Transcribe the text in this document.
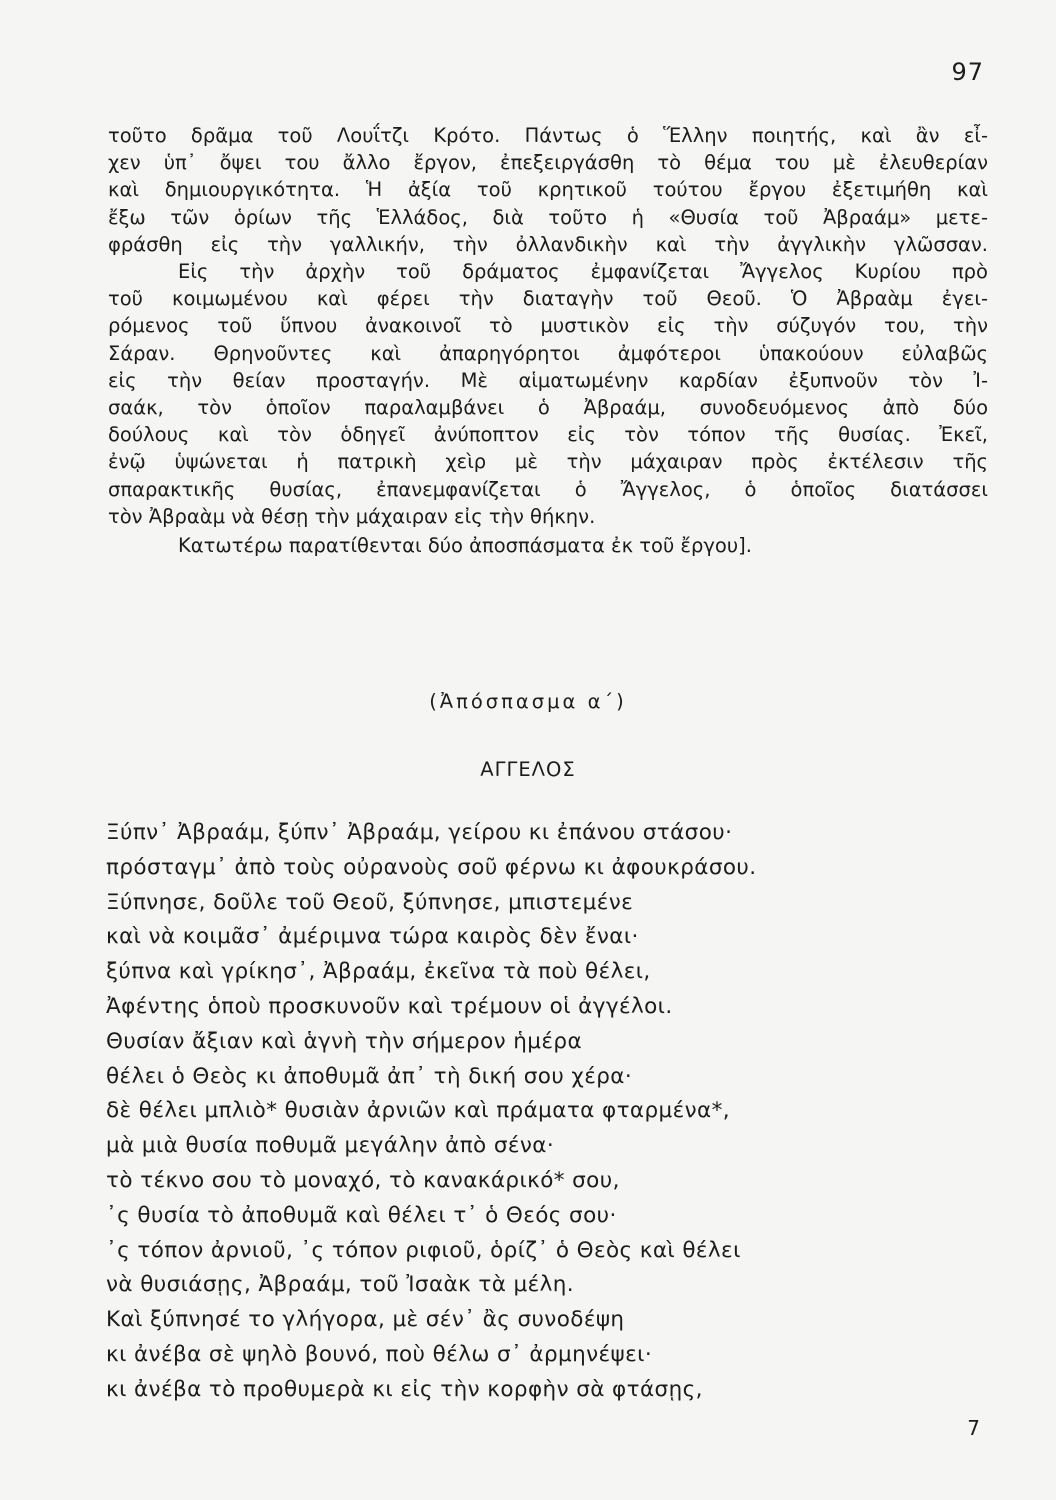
97

τοῦτο δρᾶμα τοῦ Λουΐτζι Κρότο. Πάντως ὁ Ἕλλην ποιητής, καὶ ἂν εἶ-

χεν ὑπ᾽ ὄψει του ἄλλο ἔργον, ἐπεξειργάσθη τὸ θέμα του μὲ ἐλευθερίαν

καὶ δημιουργικότητα. Ἡ ἀξία τοῦ κρητικοῦ τούτου ἔργου ἐξετιμήθη καὶ

ἔξω τῶν ὁρίων τῆς Ἑλλάδος, διὰ τοῦτο ἡ «Θυσία τοῦ Ἀβραάμ» μετε-

φράσθη εἰς τὴν γαλλικήν, τὴν ὀλλανδικὴν καὶ τὴν ἀγγλικὴν γλῶσσαν.

Εἰς τὴν ἀρχὴν τοῦ δράματος ἐμφανίζεται Ἄγγελος Κυρίου πρὸ

τοῦ κοιμωμένου καὶ φέρει τὴν διαταγὴν τοῦ Θεοῦ. Ὁ Ἀβραὰμ ἐγει-

ρόμενος τοῦ ὕπνου ἀνακοινοῖ τὸ μυστικὸν εἰς τὴν σύζυγόν του, τὴν

Σάραν. Θρηνοῦντες καὶ ἀπαρηγόρητοι ἀμφότεροι ὑπακούουν εὐλαβῶς

εἰς τὴν θείαν προσταγήν. Μὲ αἱματωμένην καρδίαν ἐξυπνοῦν τὸν Ἰ-

σαάκ, τὸν ὁποῖον παραλαμβάνει ὁ Ἀβραάμ, συνοδευόμενος ἀπὸ δύο

δούλους καὶ τὸν ὁδηγεῖ ἀνύποπτον εἰς τὸν τόπον τῆς θυσίας. Ἐκεῖ,

ἐνῷ ὑψώνεται ἡ πατρικὴ χεὶρ μὲ τὴν μάχαιραν πρὸς ἐκτέλεσιν τῆς

σπαρακτικῆς θυσίας, ἐπανεμφανίζεται ὁ Ἄγγελος, ὁ ὁποῖος διατάσσει

τὸν Ἀβραὰμ νὰ θέσῃ τὴν μάχαιραν εἰς τὴν θήκην.

Κατωτέρω παρατίθενται δύο ἀποσπάσματα ἐκ τοῦ ἔργου].

(Ἀπόσπασμα α΄)
ΑΓΓΕΛΟΣ
Ξύπν᾽ Ἀβραάμ, ξύπν᾽ Ἀβραάμ, γείρου κι ἐπάνου στάσου·
πρόσταγμ᾽ ἀπὸ τοὺς οὐρανοὺς σοῦ φέρνω κι ἀφουκράσου.
Ξύπνησε, δοῦλε τοῦ Θεοῦ, ξύπνησε, μπιστεμένε
καὶ νὰ κοιμᾶσ᾽ ἀμέριμνα τώρα καιρὸς δὲν ἔναι·
ξύπνα καὶ γρίκησ᾽, Ἀβραάμ, ἐκεῖνα τὰ ποὺ θέλει,
Ἀφέντης ὁποὺ προσκυνοῦν καὶ τρέμουν οἱ ἀγγέλοι.
Θυσίαν ἄξιαν καὶ ἁγνὴ τὴν σήμερον ἡμέρα
θέλει ὁ Θεὸς κι ἀποθυμᾶ ἀπ᾽ τὴ δική σου χέρα·
δὲ θέλει μπλιὸ* θυσιὰν ἀρνιῶν καὶ πράματα φταρμένα*,
μὰ μιὰ θυσία ποθυμᾶ μεγάλην ἀπὸ σένα·
τὸ τέκνο σου τὸ μοναχό, τὸ κανακάρικό* σου,
᾽ς θυσία τὸ ἀποθυμᾶ καὶ θέλει τ᾽ ὁ Θεός σου·
᾽ς τόπον ἀρνιοῦ, ᾽ς τόπον ριφιοῦ, ὁρίζ᾽ ὁ Θεὸς καὶ θέλει
νὰ θυσιάσῃς, Ἀβραάμ, τοῦ Ἰσαὰκ τὰ μέλη.
Καὶ ξύπνησέ το γλήγορα, μὲ σέν᾽ ἂς συνοδέψη
κι ἀνέβα σὲ ψηλὸ βουνό, ποὺ θέλω σ᾽ ἀρμηνέψει·
κι ἀνέβα τὸ προθυμερὰ κι εἰς τὴν κορφὴν σὰ φτάσῃς,
7
